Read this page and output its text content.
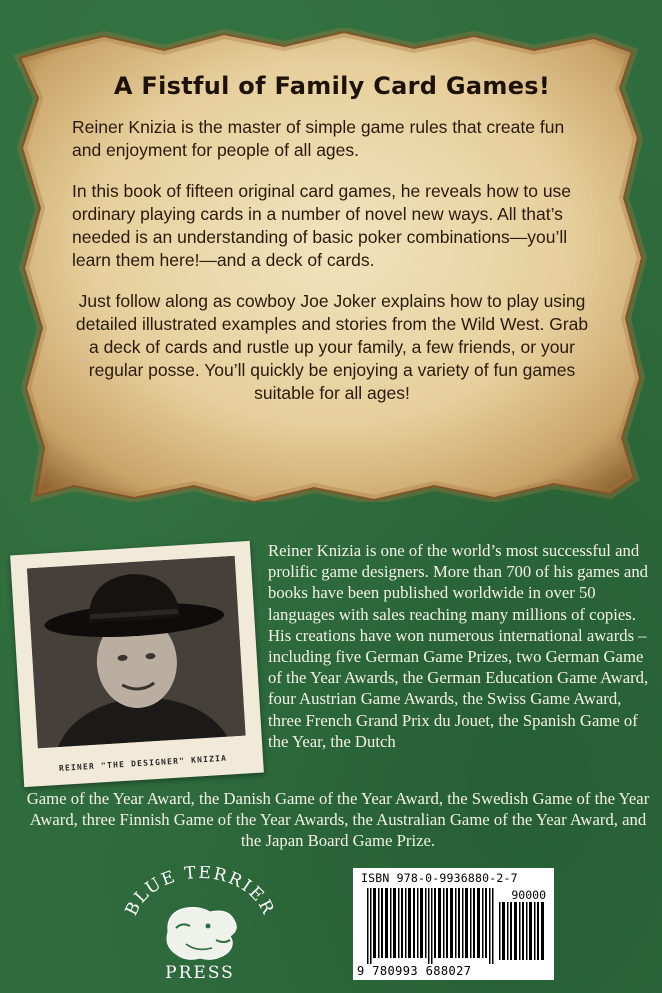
A Fistful of Family Card Games!

Reiner Knizia is the master of simple game rules that create fun and enjoyment for people of all ages.

In this book of fifteen original card games, he reveals how to use ordinary playing cards in a number of novel new ways. All that’s needed is an understanding of basic poker combinations—you’ll learn them here!—and a deck of cards.

Just follow along as cowboy Joe Joker explains how to play using detailed illustrated examples and stories from the Wild West. Grab a deck of cards and rustle up your family, a few friends, or your regular posse. You’ll quickly be enjoying a variety of fun games suitable for all ages!

REINER "THE DESIGNER" KNIZIA
Reiner Knizia is one of the world’s most successful and prolific game designers. More than 700 of his games and books have been published worldwide in over 50 languages with sales reaching many millions of copies. His creations have won numerous international awards – including five German Game Prizes, two German Game of the Year Awards, the German Education Game Award, four Austrian Game Awards, the Swiss Game Award, three French Grand Prix du Jouet, the Spanish Game of the Year, the Dutch
Game of the Year Award, the Danish Game of the Year Award, the Swedish Game of the Year Award, three Finnish Game of the Year Awards, the Australian Game of the Year Award, and the Japan Board Game Prize.
BLUE TERRIER
PRESS
ISBN 978-0-9936880-2-7
90000
9 780993 688027
